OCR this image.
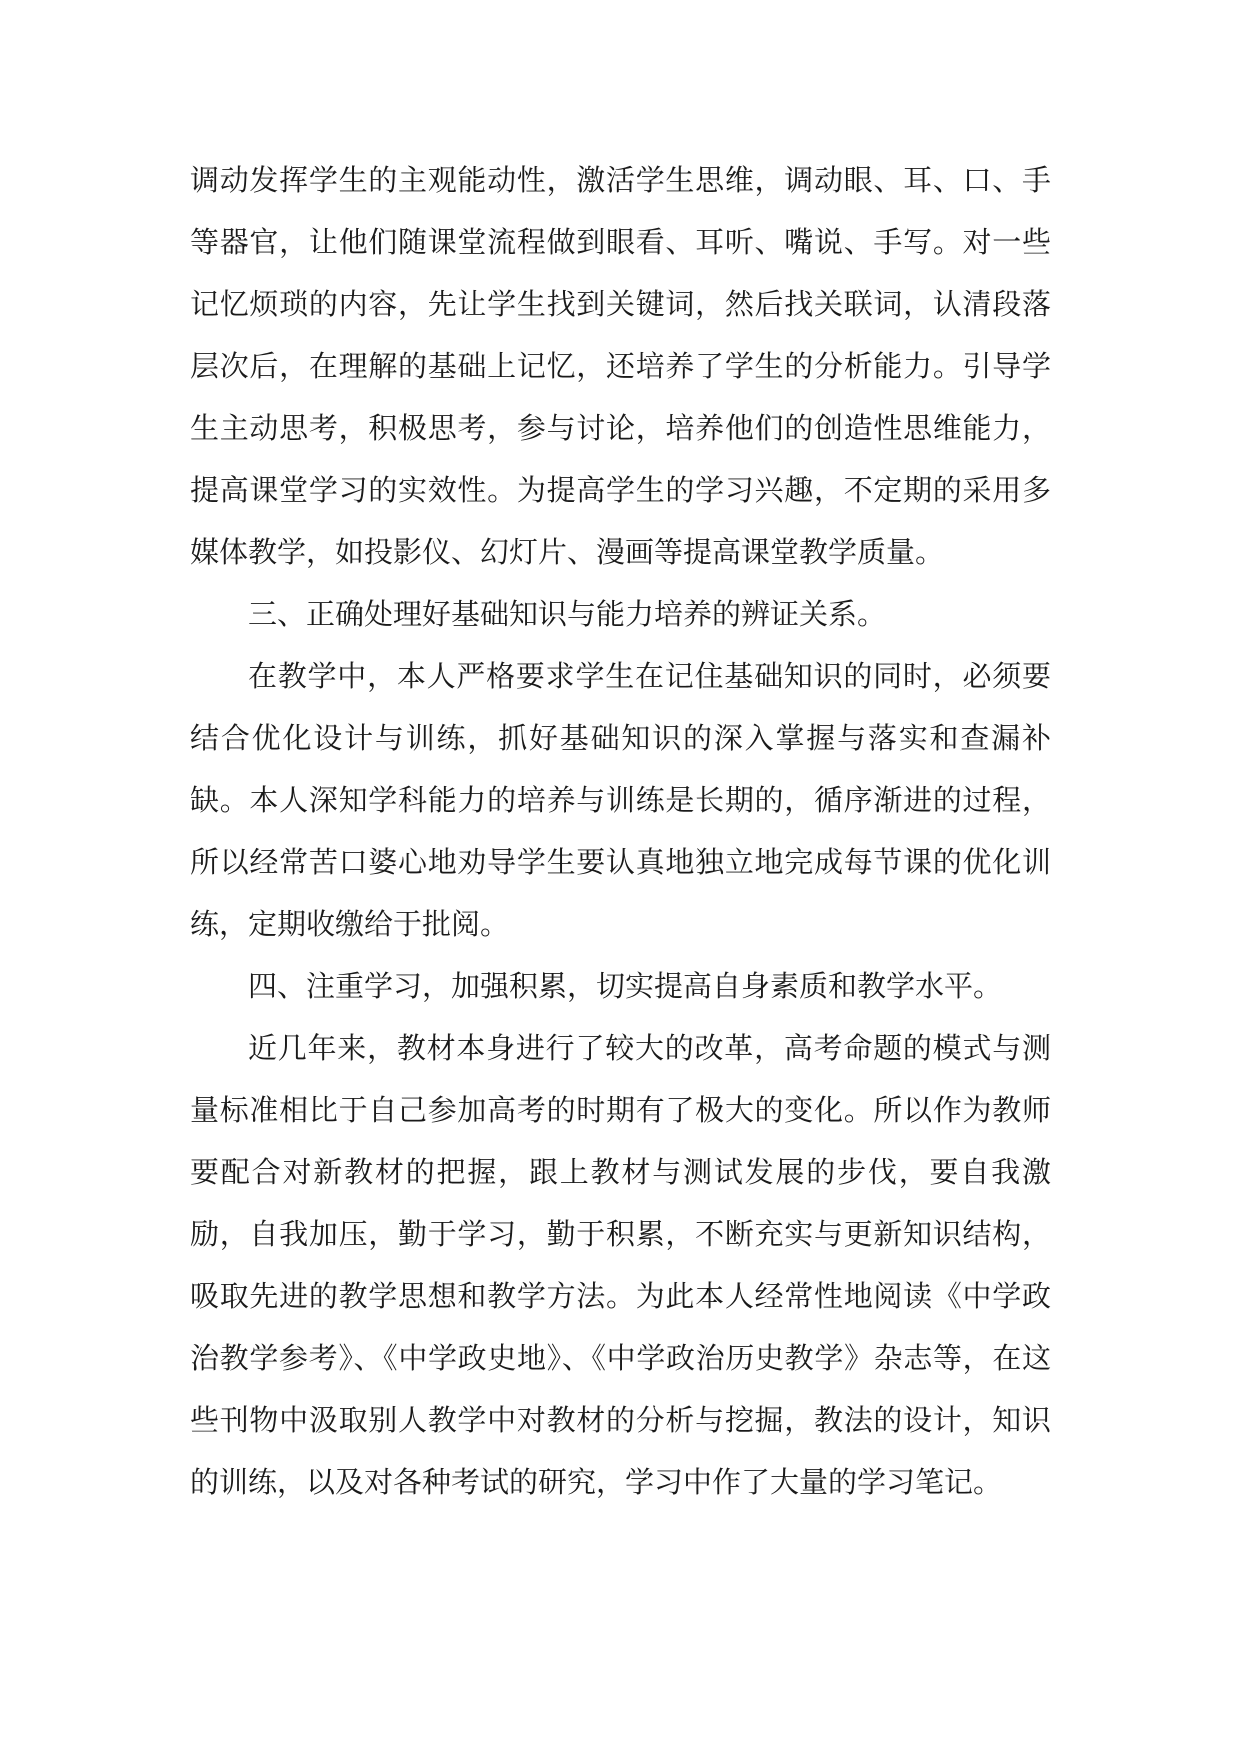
调动发挥学生的主观能动性，激活学生思维，调动眼、耳、口、手等器官，让他们随课堂流程做到眼看、耳听、嘴说、手写。对一些记忆烦琐的内容，先让学生找到关键词，然后找关联词，认清段落层次后，在理解的基础上记忆，还培养了学生的分析能力。引导学生主动思考，积极思考，参与讨论，培养他们的创造性思维能力，提高课堂学习的实效性。为提高学生的学习兴趣，不定期的采用多媒体教学，如投影仪、幻灯片、漫画等提高课堂教学质量。

三、正确处理好基础知识与能力培养的辨证关系。

在教学中，本人严格要求学生在记住基础知识的同时，必须要结合优化设计与训练，抓好基础知识的深入掌握与落实和查漏补缺。本人深知学科能力的培养与训练是长期的，循序渐进的过程，所以经常苦口婆心地劝导学生要认真地独立地完成每节课的优化训练，定期收缴给于批阅。

四、注重学习，加强积累，切实提高自身素质和教学水平。

近几年来，教材本身进行了较大的改革，高考命题的模式与测量标准相比于自己参加高考的时期有了极大的变化。所以作为教师要配合对新教材的把握，跟上教材与测试发展的步伐，要自我激励，自我加压，勤于学习，勤于积累，不断充实与更新知识结构，吸取先进的教学思想和教学方法。为此本人经常性地阅读《中学政治教学参考》、《中学政史地》、《中学政治历史教学》杂志等，在这些刊物中汲取别人教学中对教材的分析与挖掘，教法的设计，知识的训练，以及对各种考试的研究，学习中作了大量的学习笔记。
